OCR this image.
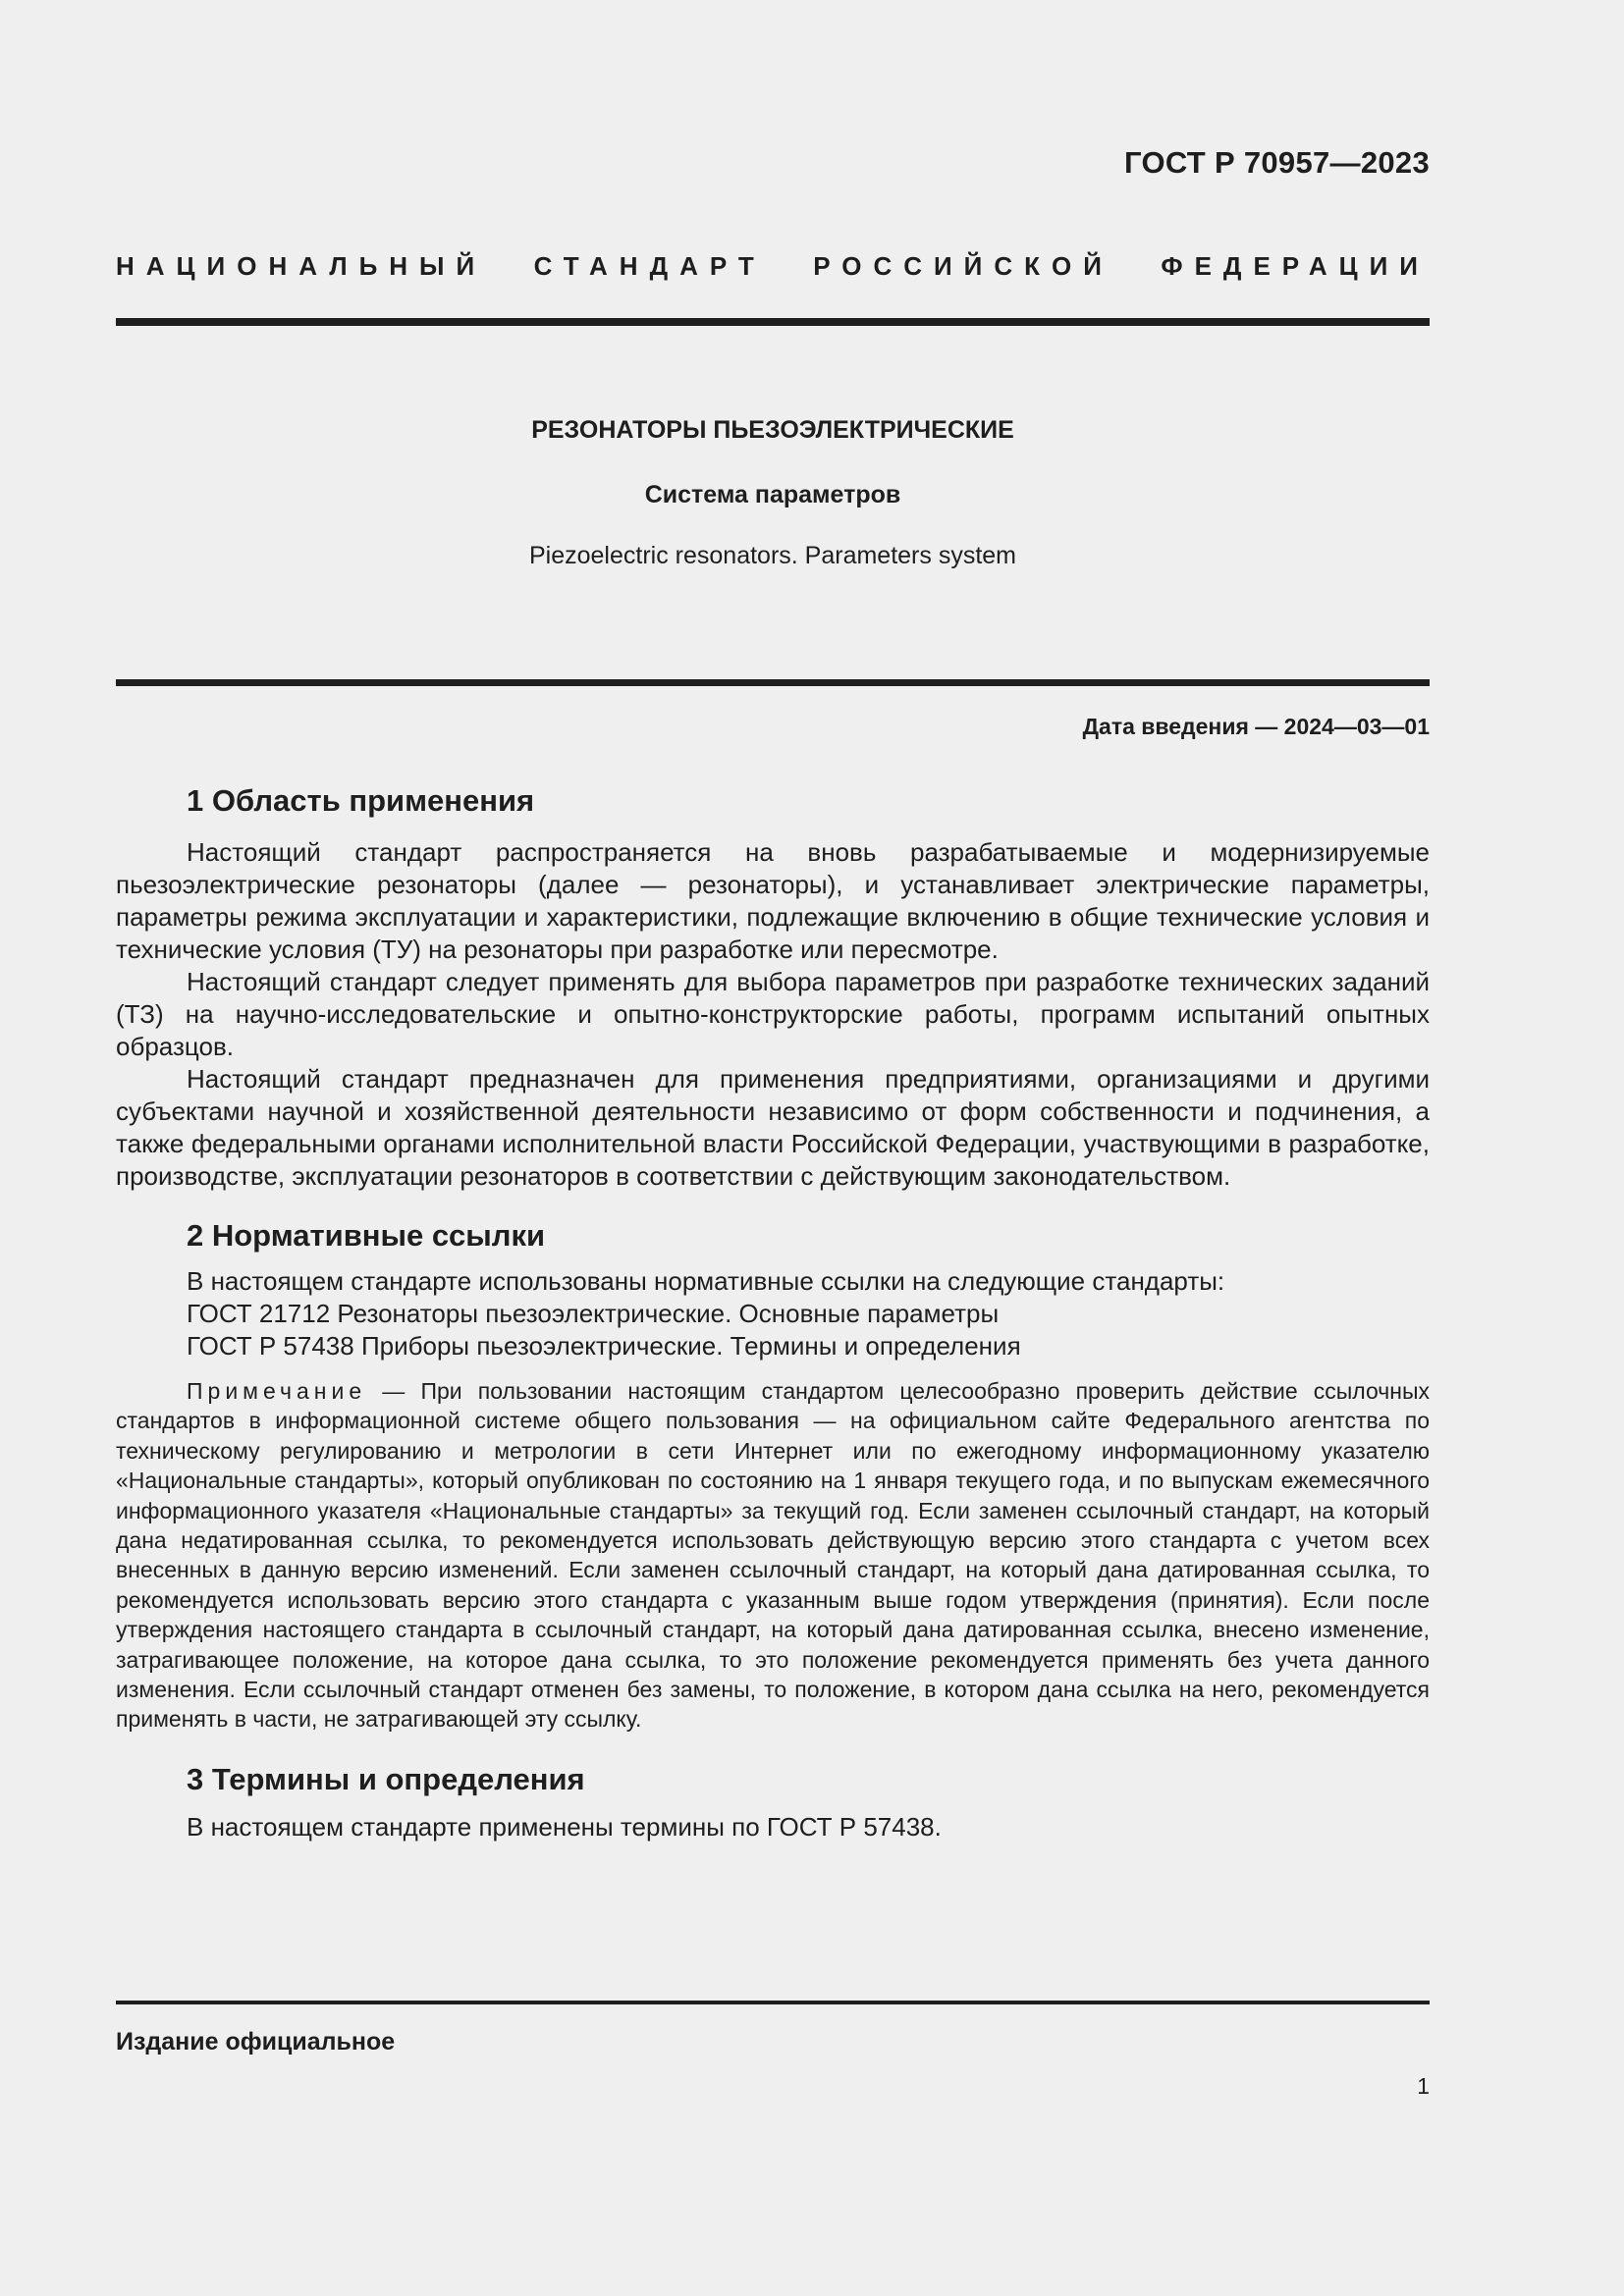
ГОСТ Р 70957—2023
НАЦИОНАЛЬНЫЙ СТАНДАРТ РОССИЙСКОЙ ФЕДЕРАЦИИ
РЕЗОНАТОРЫ ПЬЕЗОЭЛЕКТРИЧЕСКИЕ
Система параметров
Piezoelectric resonators. Parameters system
Дата введения — 2024—03—01
1 Область применения

Настоящий стандарт распространяется на вновь разрабатываемые и модернизируемые пьезоэлектрические резонаторы (далее — резонаторы), и устанавливает электрические параметры, параметры режима эксплуатации и характеристики, подлежащие включению в общие технические условия и технические условия (ТУ) на резонаторы при разработке или пересмотре.

Настоящий стандарт следует применять для выбора параметров при разработке технических заданий (ТЗ) на научно-исследовательские и опытно-конструкторские работы, программ испытаний опытных образцов.

Настоящий стандарт предназначен для применения предприятиями, организациями и другими субъектами научной и хозяйственной деятельности независимо от форм собственности и подчинения, а также федеральными органами исполнительной власти Российской Федерации, участвующими в разработке, производстве, эксплуатации резонаторов в соответствии с действующим законодательством.

2 Нормативные ссылки
В настоящем стандарте использованы нормативные ссылки на следующие стандарты:
ГОСТ 21712 Резонаторы пьезоэлектрические. Основные параметры
ГОСТ Р 57438 Приборы пьезоэлектрические. Термины и определения

Примечание — При пользовании настоящим стандартом целесообразно проверить действие ссылочных стандартов в информационной системе общего пользования — на официальном сайте Федерального агентства по техническому регулированию и метрологии в сети Интернет или по ежегодному информационному указателю «Национальные стандарты», который опубликован по состоянию на 1 января текущего года, и по выпускам ежемесячного информационного указателя «Национальные стандарты» за текущий год. Если заменен ссылочный стандарт, на который дана недатированная ссылка, то рекомендуется использовать действующую версию этого стандарта с учетом всех внесенных в данную версию изменений. Если заменен ссылочный стандарт, на который дана датированная ссылка, то рекомендуется использовать версию этого стандарта с указанным выше годом утверждения (принятия). Если после утверждения настоящего стандарта в ссылочный стандарт, на который дана датированная ссылка, внесено изменение, затрагивающее положение, на которое дана ссылка, то это положение рекомендуется применять без учета данного изменения. Если ссылочный стандарт отменен без замены, то положение, в котором дана ссылка на него, рекомендуется применять в части, не затрагивающей эту ссылку.

3 Термины и определения

В настоящем стандарте применены термины по ГОСТ Р 57438.

Издание официальное
1
